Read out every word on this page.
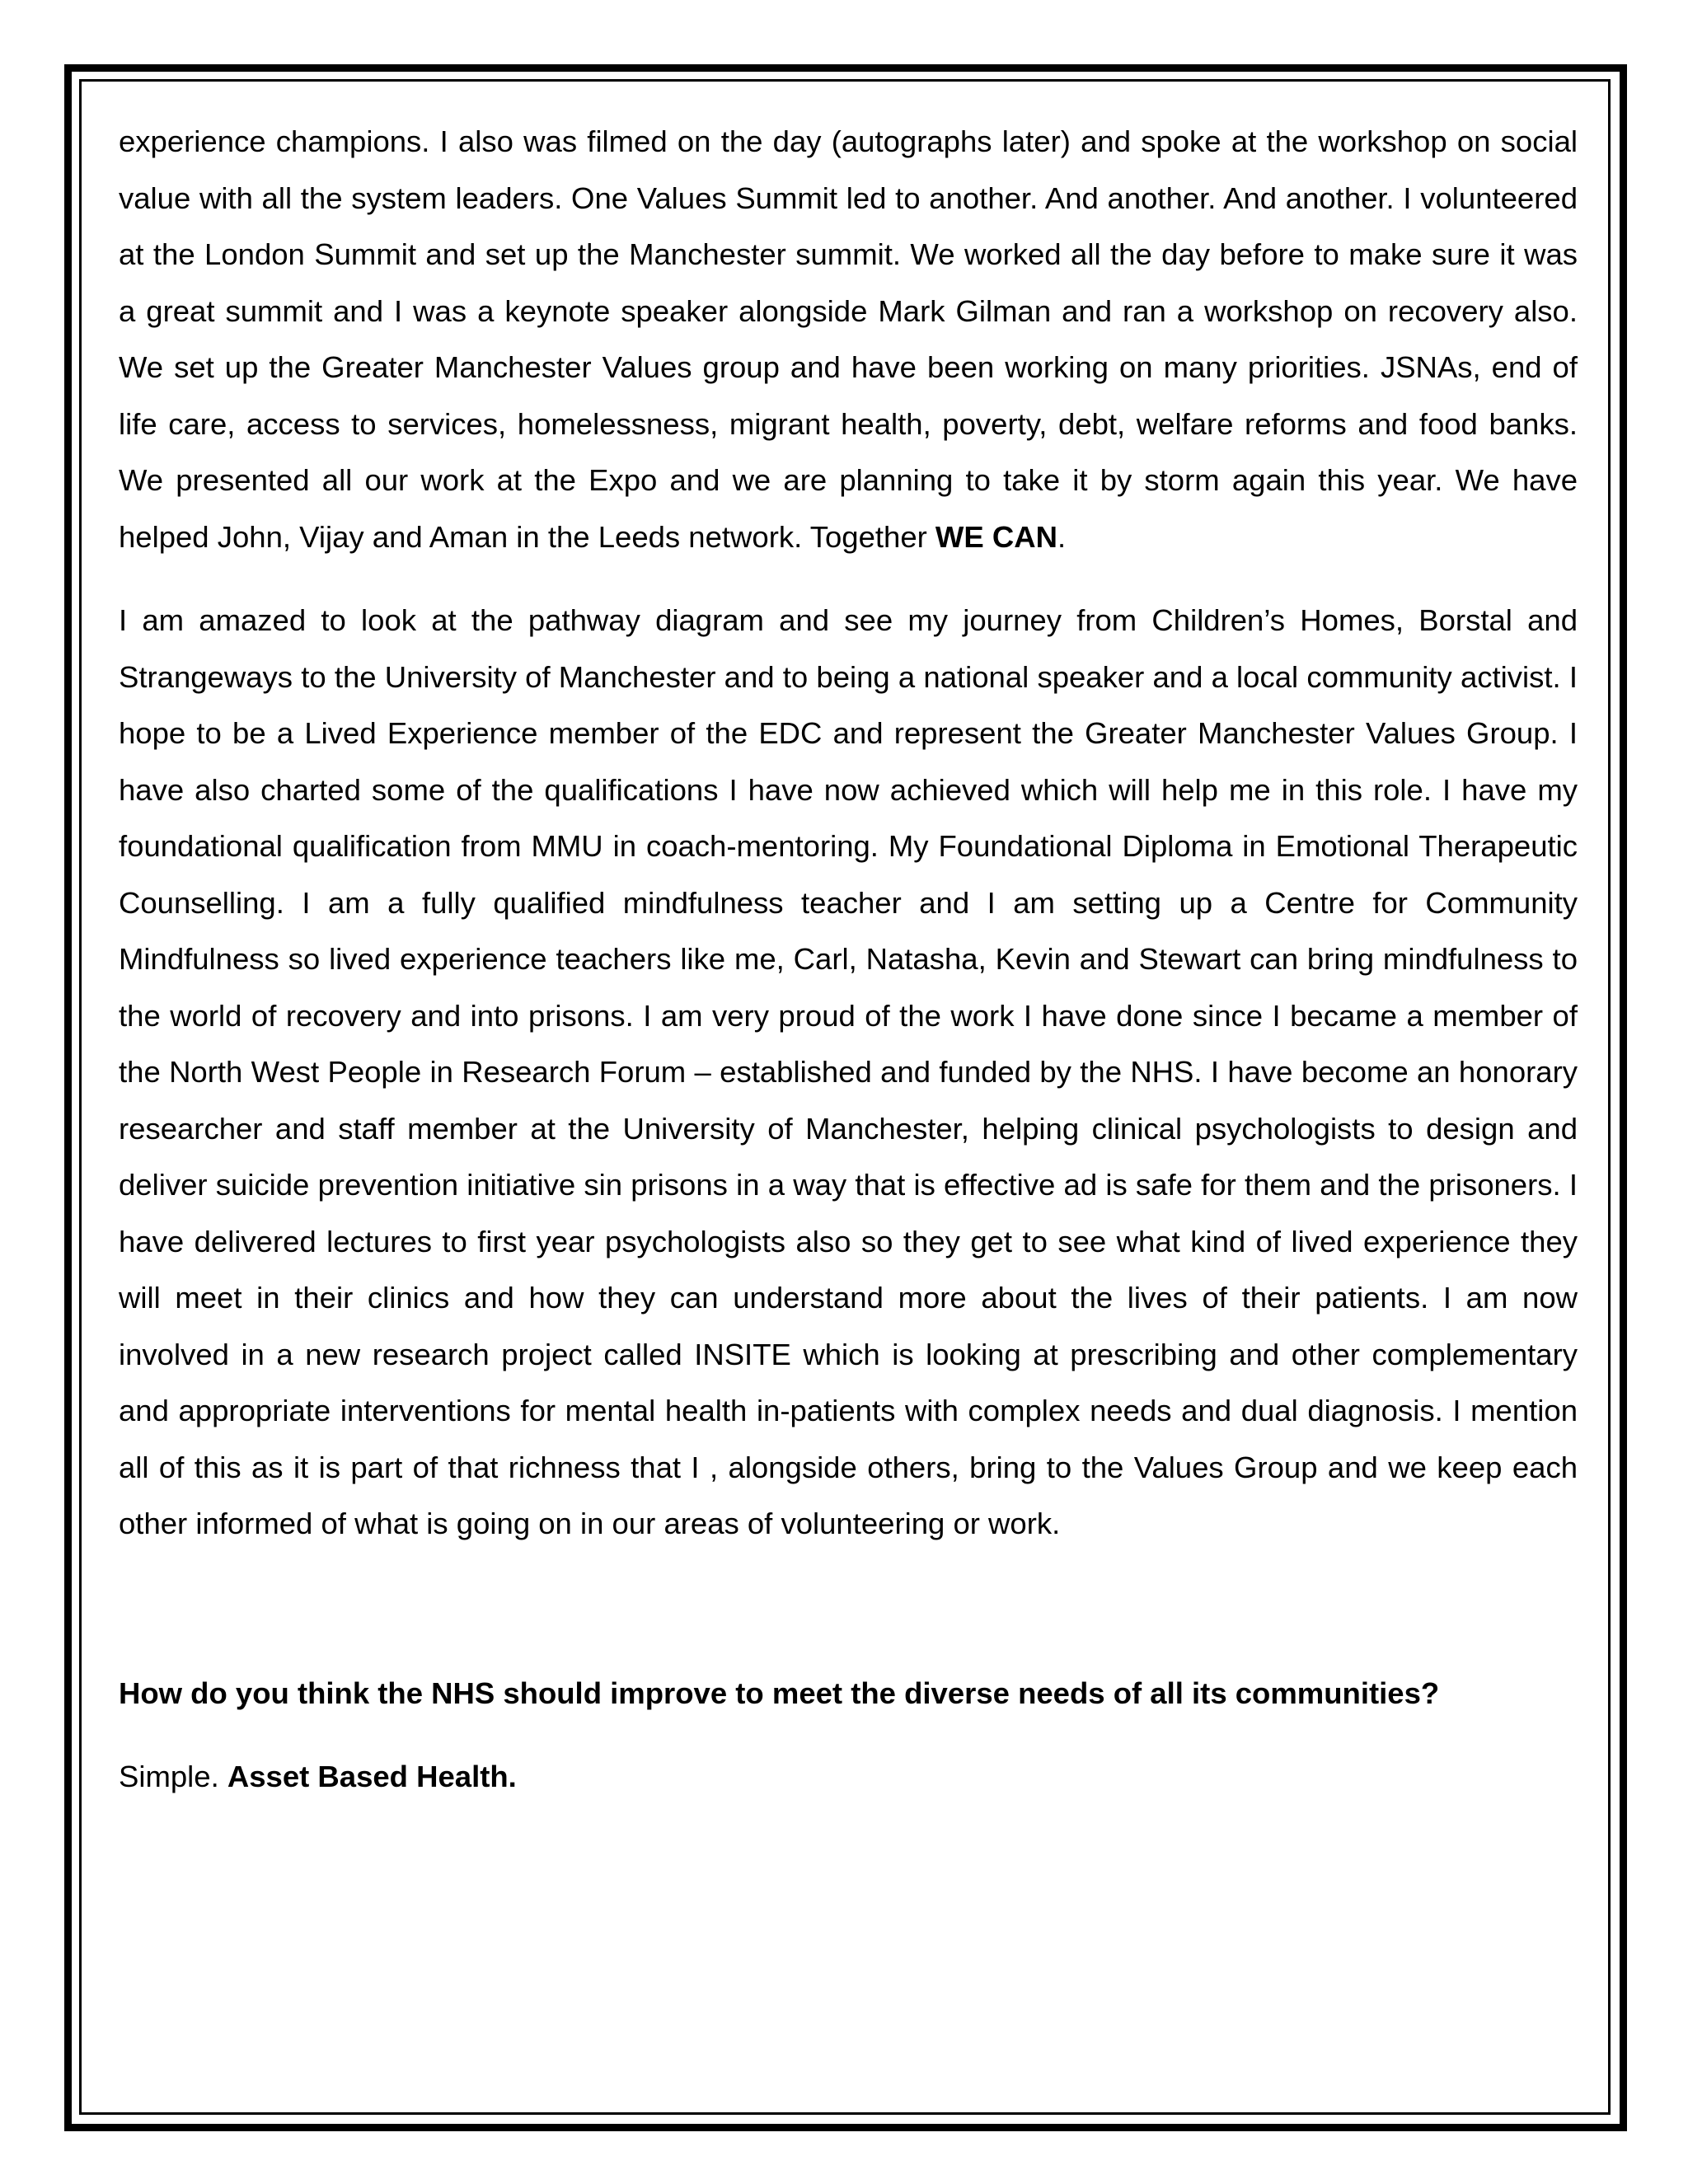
experience champions. I also was filmed on the day (autographs later) and spoke at the workshop on social value with all the system leaders. One Values Summit led to another. And another. And another. I volunteered at the London Summit and set up the Manchester summit. We worked all the day before to make sure it was a great summit and I was a keynote speaker alongside Mark Gilman and ran a workshop on recovery also. We set up the Greater Manchester Values group and have been working on many priorities. JSNAs, end of life care, access to services, homelessness, migrant health, poverty, debt, welfare reforms and food banks. We presented all our work at the Expo and we are planning to take it by storm again this year. We have helped John, Vijay and Aman in the Leeds network. Together WE CAN.

I am amazed to look at the pathway diagram and see my journey from Children’s Homes, Borstal and Strangeways to the University of Manchester and to being a national speaker and a local community activist. I hope to be a Lived Experience member of the EDC and represent the Greater Manchester Values Group. I have also charted some of the qualifications I have now achieved which will help me in this role. I have my foundational qualification from MMU in coach-mentoring. My Foundational Diploma in Emotional Therapeutic Counselling. I am a fully qualified mindfulness teacher and I am setting up a Centre for Community Mindfulness so lived experience teachers like me, Carl, Natasha, Kevin and Stewart can bring mindfulness to the world of recovery and into prisons. I am very proud of the work I have done since I became a member of the North West People in Research Forum – established and funded by the NHS. I have become an honorary researcher and staff member at the University of Manchester, helping clinical psychologists to design and deliver suicide prevention initiative sin prisons in a way that is effective ad is safe for them and the prisoners. I have delivered lectures to first year psychologists also so they get to see what kind of lived experience they will meet in their clinics and how they can understand more about the lives of their patients. I am now involved in a new research project called INSITE which is looking at prescribing and other complementary and appropriate interventions for mental health in-patients with complex needs and dual diagnosis. I mention all of this as it is part of that richness that I , alongside others, bring to the Values Group and we keep each other informed of what is going on in our areas of volunteering or work.

How do you think the NHS should improve to meet the diverse needs of all its communities?

Simple. Asset Based Health.
